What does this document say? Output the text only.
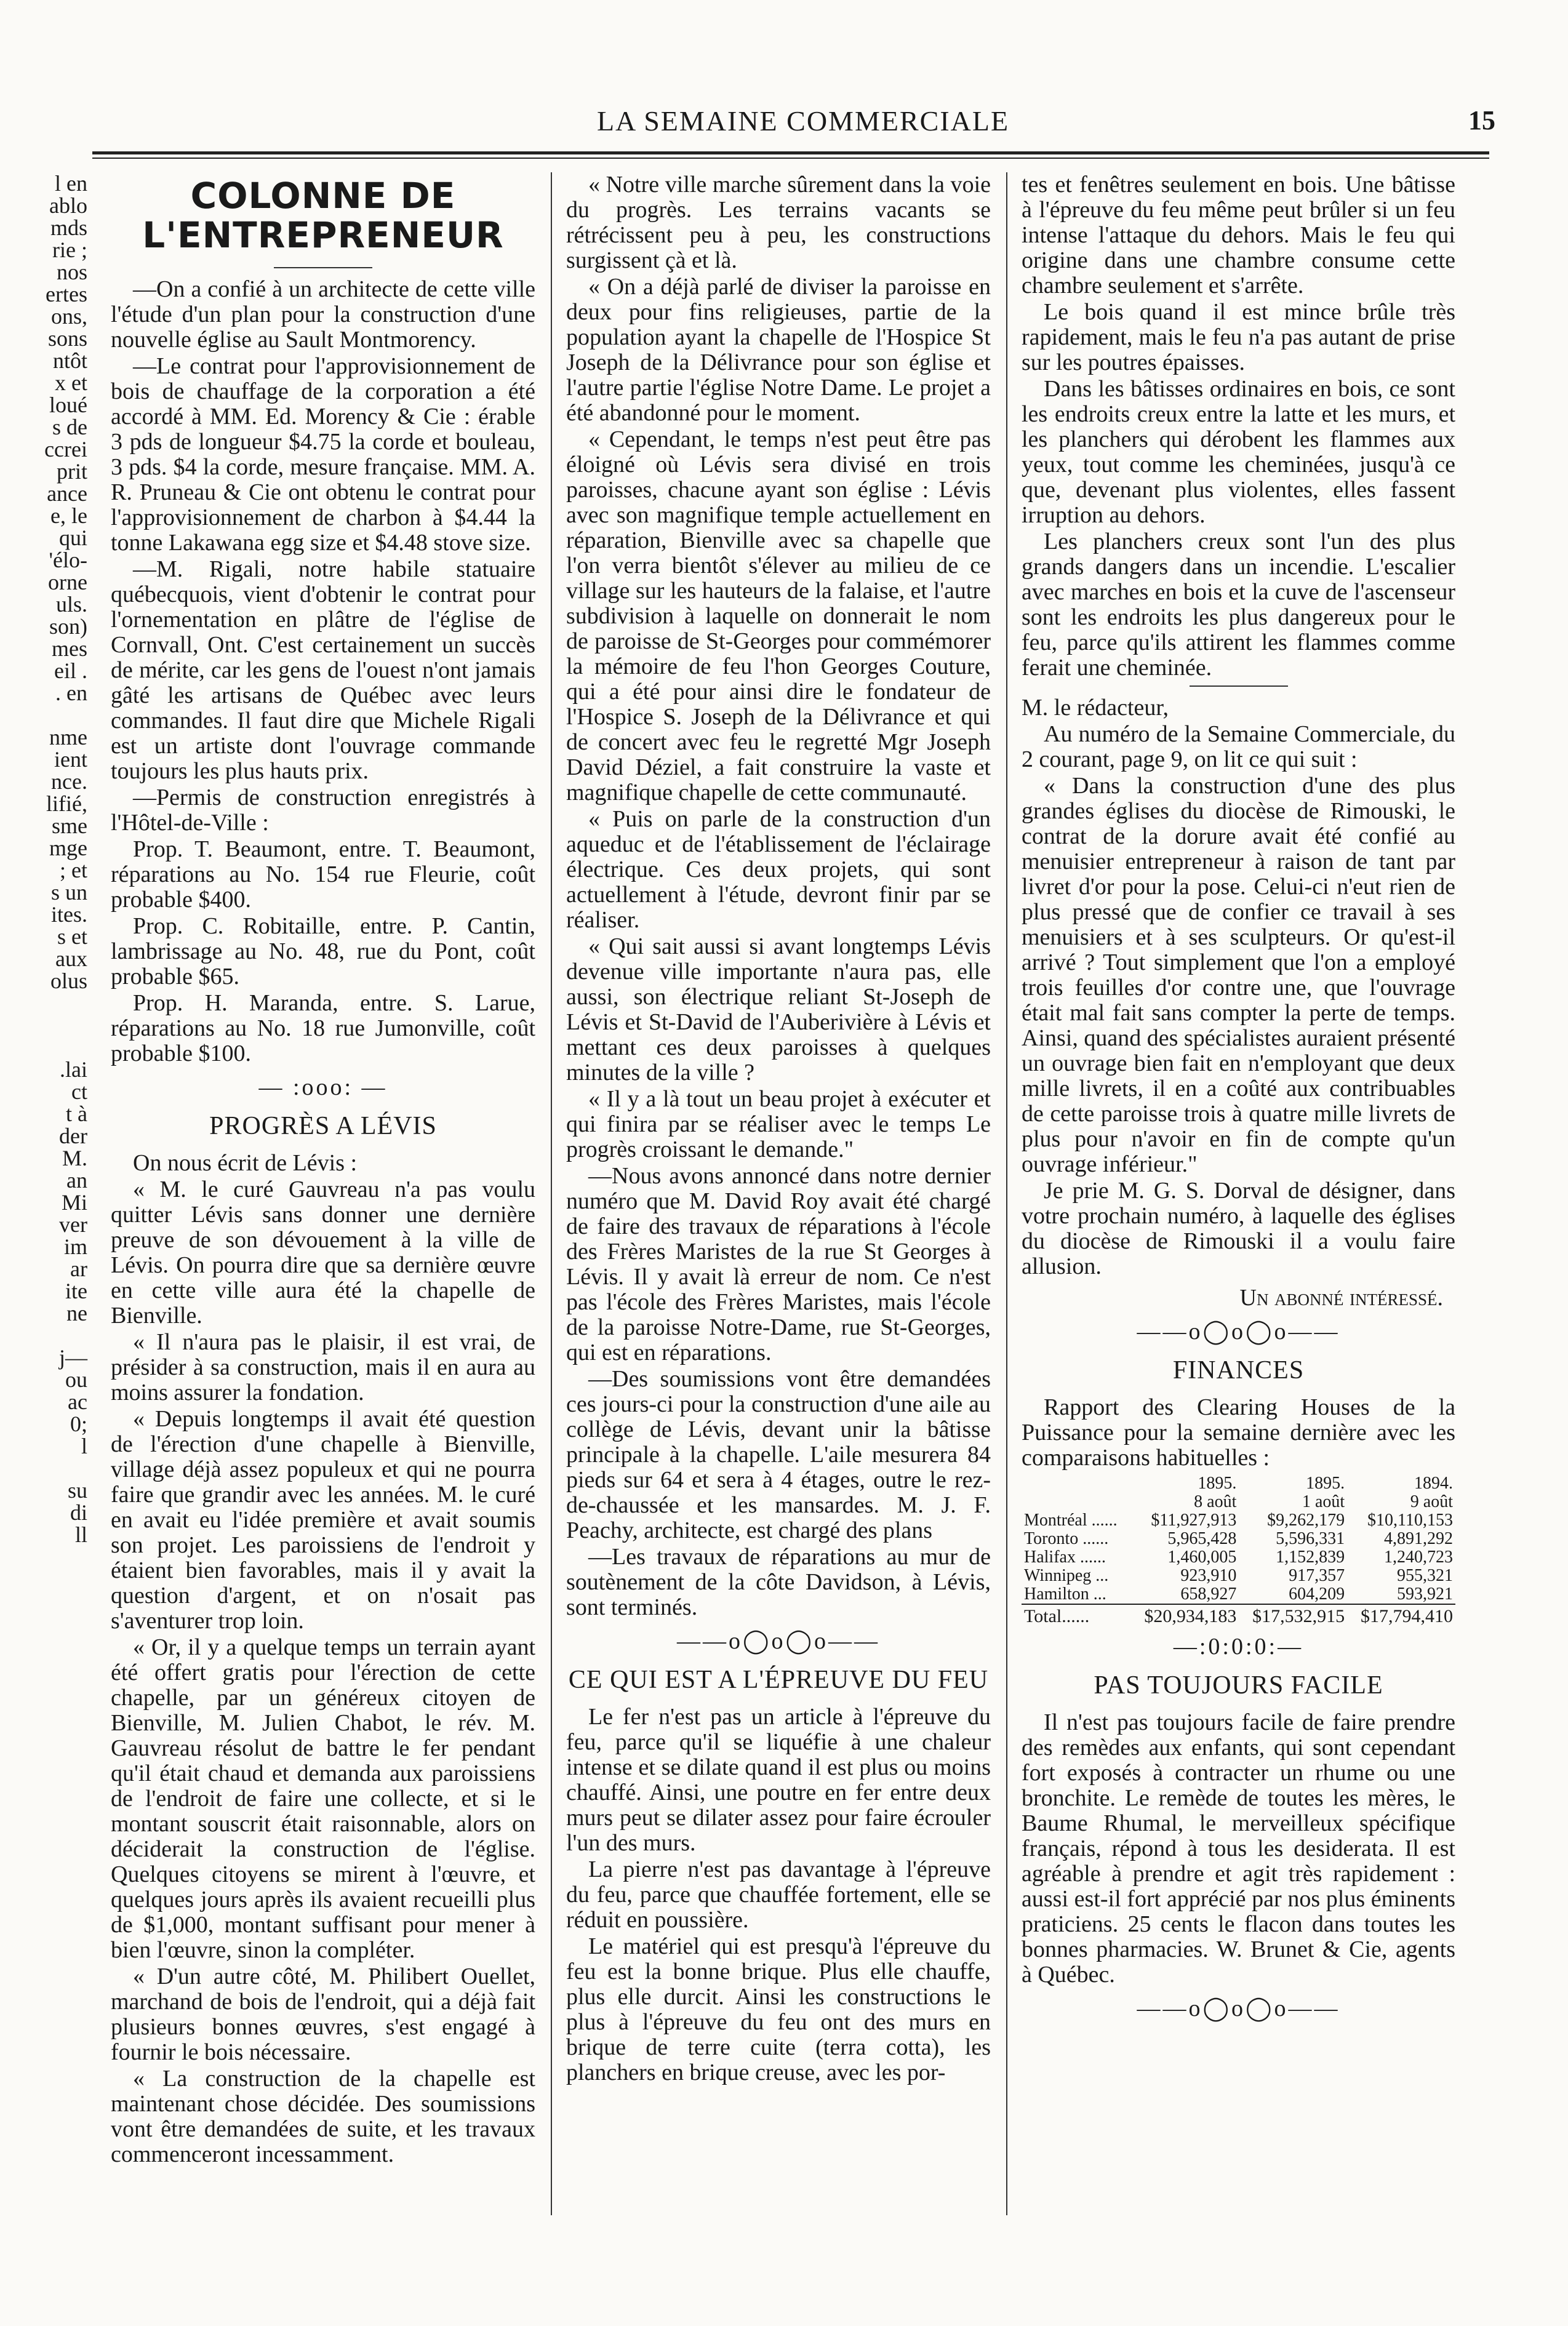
LA SEMAINE COMMERCIALE	15
l en
ablo
mds
rie ;
nos
ertes
ons,
sons
ntôt
x et
loué
s de
ccrei
prit
ance
e, le
qui
'élo-
orne
uls.
son)
mes
eil .
. en
nme
ient
nce.
lifié,
sme
mge
; et
s un
ites.
s et
aux
olus
.lai
ct
t à
der
M.
an
Mi
ver
im
ar
ite
ne
j—
ou
ac
0;
l
su
di
ll
COLONNE DE L'ENTREPRENEUR

—On a confié à un architecte de cette ville l'étude d'un plan pour la construction d'une nouvelle église au Sault Montmorency.

—Le contrat pour l'approvisionnement de bois de chauffage de la corporation a été accordé à MM. Ed. Morency & Cie : érable 3 pds de longueur $4.75 la corde et bouleau, 3 pds. $4 la corde, mesure française. MM. A. R. Pruneau & Cie ont obtenu le contrat pour l'approvisionnement de charbon à $4.44 la tonne Lakawana egg size et $4.48 stove size.

—M. Rigali, notre habile statuaire québecquois, vient d'obtenir le contrat pour l'ornementation en plâtre de l'église de Cornvall, Ont. C'est certainement un succès de mérite, car les gens de l'ouest n'ont jamais gâté les artisans de Québec avec leurs commandes. Il faut dire que Michele Rigali est un artiste dont l'ouvrage commande toujours les plus hauts prix.

—Permis de construction enregistrés à l'Hôtel-de-Ville :

Prop. T. Beaumont, entre. T. Beaumont, réparations au No. 154 rue Fleurie, coût probable $400.

Prop. C. Robitaille, entre. P. Cantin, lambrissage au No. 48, rue du Pont, coût probable $65.

Prop. H. Maranda, entre. S. Larue, réparations au No. 18 rue Jumonville, coût probable $100.

— :ooo: —
PROGRÈS A LÉVIS

On nous écrit de Lévis :

« M. le curé Gauvreau n'a pas voulu quitter Lévis sans donner une dernière preuve de son dévouement à la ville de Lévis. On pourra dire que sa dernière œuvre en cette ville aura été la chapelle de Bienville.

« Il n'aura pas le plaisir, il est vrai, de présider à sa construction, mais il en aura au moins assurer la fondation.

« Depuis longtemps il avait été question de l'érection d'une chapelle à Bienville, village déjà assez populeux et qui ne pourra faire que grandir avec les années. M. le curé en avait eu l'idée première et avait soumis son projet. Les paroissiens de l'endroit y étaient bien favorables, mais il y avait la question d'argent, et on n'osait pas s'aventurer trop loin.

« Or, il y a quelque temps un terrain ayant été offert gratis pour l'érection de cette chapelle, par un généreux citoyen de Bienville, M. Julien Chabot, le rév. M. Gauvreau résolut de battre le fer pendant qu'il était chaud et demanda aux paroissiens de l'endroit de faire une collecte, et si le montant souscrit était raisonnable, alors on déciderait la construction de l'église. Quelques citoyens se mirent à l'œuvre, et quelques jours après ils avaient recueilli plus de $1,000, montant suffisant pour mener à bien l'œuvre, sinon la compléter.

« D'un autre côté, M. Philibert Ouellet, marchand de bois de l'endroit, qui a déjà fait plusieurs bonnes œuvres, s'est engagé à fournir le bois nécessaire.

« La construction de la chapelle est maintenant chose décidée. Des soumissions vont être demandées de suite, et les travaux commenceront incessamment.

« Notre ville marche sûrement dans la voie du progrès. Les terrains vacants se rétrécissent peu à peu, les constructions surgissent çà et là.

« On a déjà parlé de diviser la paroisse en deux pour fins religieuses, partie de la population ayant la chapelle de l'Hospice St Joseph de la Délivrance pour son église et l'autre partie l'église Notre Dame. Le projet a été abandonné pour le moment.

« Cependant, le temps n'est peut être pas éloigné où Lévis sera divisé en trois paroisses, chacune ayant son église : Lévis avec son magnifique temple actuellement en réparation, Bienville avec sa chapelle que l'on verra bientôt s'élever au milieu de ce village sur les hauteurs de la falaise, et l'autre subdivision à laquelle on donnerait le nom de paroisse de St-Georges pour commémorer la mémoire de feu l'hon Georges Couture, qui a été pour ainsi dire le fondateur de l'Hospice S. Joseph de la Délivrance et qui de concert avec feu le regretté Mgr Joseph David Déziel, a fait construire la vaste et magnifique chapelle de cette communauté.

« Puis on parle de la construction d'un aqueduc et de l'établissement de l'éclairage électrique. Ces deux projets, qui sont actuellement à l'étude, devront finir par se réaliser.

« Qui sait aussi si avant longtemps Lévis devenue ville importante n'aura pas, elle aussi, son électrique reliant St-Joseph de Lévis et St-David de l'Auberivière à Lévis et mettant ces deux paroisses à quelques minutes de la ville ?

« Il y a là tout un beau projet à exécuter et qui finira par se réaliser avec le temps Le progrès croissant le demande."

—Nous avons annoncé dans notre dernier numéro que M. David Roy avait été chargé de faire des travaux de réparations à l'école des Frères Maristes de la rue St Georges à Lévis. Il y avait là erreur de nom. Ce n'est pas l'école des Frères Maristes, mais l'école de la paroisse Notre-Dame, rue St-Georges, qui est en réparations.

—Des soumissions vont être demandées ces jours-ci pour la construction d'une aile au collège de Lévis, devant unir la bâtisse principale à la chapelle. L'aile mesurera 84 pieds sur 64 et sera à 4 étages, outre le rez-de-chaussée et les mansardes. M. J. F. Peachy, architecte, est chargé des plans

—Les travaux de réparations au mur de soutènement de la côte Davidson, à Lévis, sont terminés.

——o◯o◯o——
CE QUI EST A L'ÉPREUVE DU FEU

Le fer n'est pas un article à l'épreuve du feu, parce qu'il se liquéfie à une chaleur intense et se dilate quand il est plus ou moins chauffé. Ainsi, une poutre en fer entre deux murs peut se dilater assez pour faire écrouler l'un des murs.

La pierre n'est pas davantage à l'épreuve du feu, parce que chauffée fortement, elle se réduit en poussière.

Le matériel qui est presqu'à l'épreuve du feu est la bonne brique. Plus elle chauffe, plus elle durcit. Ainsi les constructions le plus à l'épreuve du feu ont des murs en brique de terre cuite (terra cotta), les planchers en brique creuse, avec les por-

tes et fenêtres seulement en bois. Une bâtisse à l'épreuve du feu même peut brûler si un feu intense l'attaque du dehors. Mais le feu qui origine dans une chambre consume cette chambre seulement et s'arrête.

Le bois quand il est mince brûle très rapidement, mais le feu n'a pas autant de prise sur les poutres épaisses.

Dans les bâtisses ordinaires en bois, ce sont les endroits creux entre la latte et les murs, et les planchers qui dérobent les flammes aux yeux, tout comme les cheminées, jusqu'à ce que, devenant plus violentes, elles fassent irruption au dehors.

Les planchers creux sont l'un des plus grands dangers dans un incendie. L'escalier avec marches en bois et la cuve de l'ascenseur sont les endroits les plus dangereux pour le feu, parce qu'ils attirent les flammes comme ferait une cheminée.

M. le rédacteur,

Au numéro de la Semaine Commerciale, du 2 courant, page 9, on lit ce qui suit :

« Dans la construction d'une des plus grandes églises du diocèse de Rimouski, le contrat de la dorure avait été confié au menuisier entrepreneur à raison de tant par livret d'or pour la pose. Celui-ci n'eut rien de plus pressé que de confier ce travail à ses menuisiers et à ses sculpteurs. Or qu'est-il arrivé ? Tout simplement que l'on a employé trois feuilles d'or contre une, que l'ouvrage était mal fait sans compter la perte de temps. Ainsi, quand des spécialistes auraient présenté un ouvrage bien fait en n'employant que deux mille livrets, il en a coûté aux contribuables de cette paroisse trois à quatre mille livrets de plus pour n'avoir en fin de compte qu'un ouvrage inférieur."

Je prie M. G. S. Dorval de désigner, dans votre prochain numéro, à laquelle des églises du diocèse de Rimouski il a voulu faire allusion.

Un abonné intéressé.
——o◯o◯o——
FINANCES

Rapport des Clearing Houses de la Puissance pour la semaine dernière avec les comparaisons habituelles :

	1895.	1895.	1894.
	8 août	1 août	9 août
Montréal ......	$11,927,913	$9,262,179	$10,110,153
Toronto ......	5,965,428	5,596,331	4,891,292
Halifax ......	1,460,005	1,152,839	1,240,723
Winnipeg ...	923,910	917,357	955,321
Hamilton ...	658,927	604,209	593,921
Total......	$20,934,183	$17,532,915	$17,794,410
—:0:0:0:—
PAS TOUJOURS FACILE

Il n'est pas toujours facile de faire prendre des remèdes aux enfants, qui sont cependant fort exposés à contracter un rhume ou une bronchite. Le remède de toutes les mères, le Baume Rhumal, le merveilleux spécifique français, répond à tous les desiderata. Il est agréable à prendre et agit très rapidement : aussi est-il fort apprécié par nos plus éminents praticiens. 25 cents le flacon dans toutes les bonnes pharmacies. W. Brunet & Cie, agents à Québec.

——o◯o◯o——
